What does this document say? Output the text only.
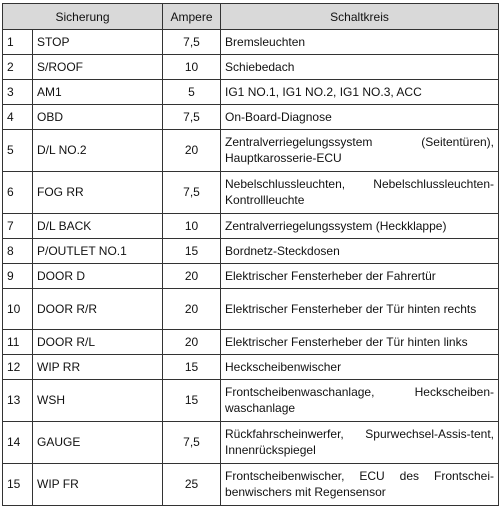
Sicherung		Ampere	Schaltkreis
1	STOP	7,5	Bremsleuchten
2	S/ROOF	10	Schiebedach
3	AM1	5	IG1 NO.1, IG1 NO.2, IG1 NO.3, ACC
4	OBD	7,5	On-Board-Diagnose
5	D/L NO.2	20	Zentralverriegelungssystem (Seitentüren), Hauptkarosserie-ECU
6	FOG RR	7,5	Nebelschlussleuchten, Nebelschlussleuchten-Kontrollleuchte
7	D/L BACK	10	Zentralverriegelungssystem (Heckklappe)
8	P/OUTLET NO.1	15	Bordnetz-Steckdosen
9	DOOR D	20	Elektrischer Fensterheber der Fahrertür
10	DOOR R/R	20	Elektrischer Fensterheber der Tür hinten rechts
11	DOOR R/L	20	Elektrischer Fensterheber der Tür hinten links
12	WIP RR	15	Heckscheibenwischer
13	WSH	15	Frontscheibenwaschanlage, Heckscheiben-waschanlage
14	GAUGE	7,5	Rückfahrscheinwerfer, Spurwechsel-Assis-tent, Innenrückspiegel
15	WIP FR	25	Frontscheibenwischer, ECU des Frontschei-benwischers mit Regensensor
